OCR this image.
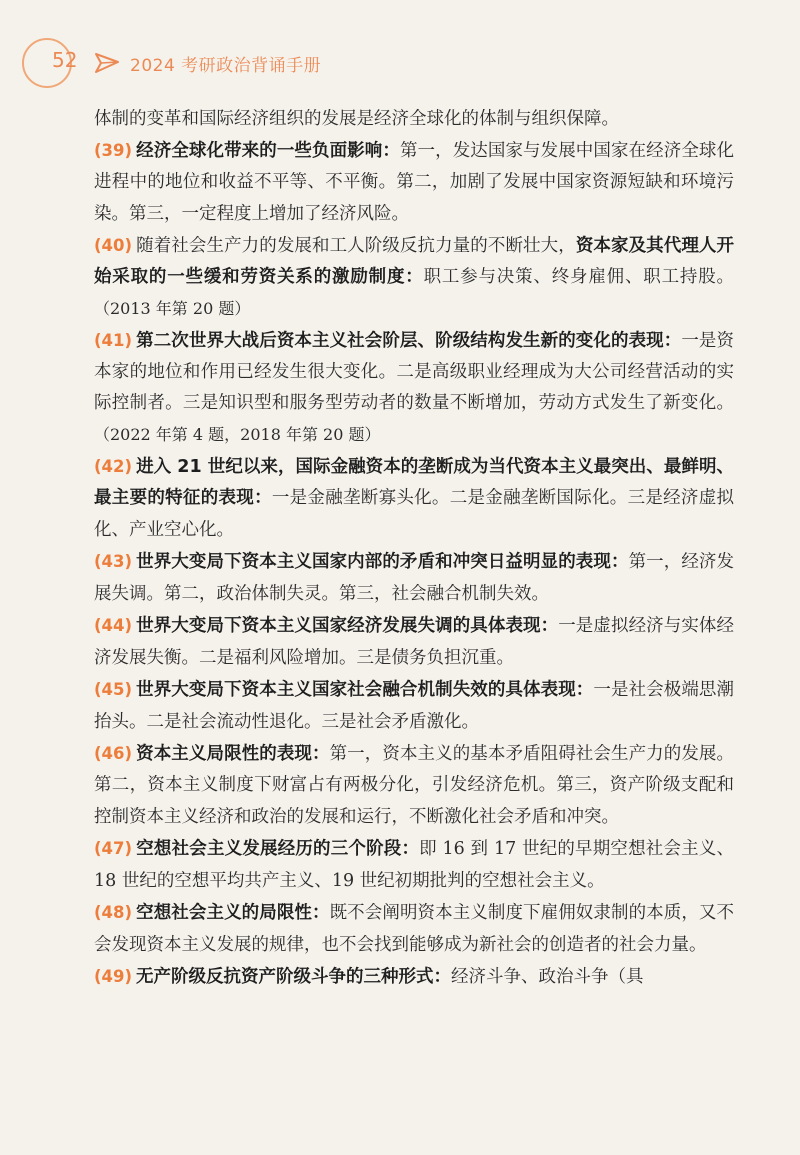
52	2024 考研政治背诵手册

体制的变革和国际经济组织的发展是经济全球化的体制与组织保障。

(39) 经济全球化带来的一些负面影响：第一，发达国家与发展中国家在经济全球化进程中的地位和收益不平等、不平衡。第二，加剧了发展中国家资源短缺和环境污染。第三，一定程度上增加了经济风险。

(40) 随着社会生产力的发展和工人阶级反抗力量的不断壮大，资本家及其代理人开始采取的一些缓和劳资关系的激励制度：职工参与决策、终身雇佣、职工持股。（2013 年第 20 题）

(41) 第二次世界大战后资本主义社会阶层、阶级结构发生新的变化的表现：一是资本家的地位和作用已经发生很大变化。二是高级职业经理成为大公司经营活动的实际控制者。三是知识型和服务型劳动者的数量不断增加，劳动方式发生了新变化。（2022 年第 4 题，2018 年第 20 题）

(42) 进入 21 世纪以来，国际金融资本的垄断成为当代资本主义最突出、最鲜明、最主要的特征的表现：一是金融垄断寡头化。二是金融垄断国际化。三是经济虚拟化、产业空心化。

(43) 世界大变局下资本主义国家内部的矛盾和冲突日益明显的表现：第一，经济发展失调。第二，政治体制失灵。第三，社会融合机制失效。

(44) 世界大变局下资本主义国家经济发展失调的具体表现：一是虚拟经济与实体经济发展失衡。二是福利风险增加。三是债务负担沉重。

(45) 世界大变局下资本主义国家社会融合机制失效的具体表现：一是社会极端思潮抬头。二是社会流动性退化。三是社会矛盾激化。

(46) 资本主义局限性的表现：第一，资本主义的基本矛盾阻碍社会生产力的发展。第二，资本主义制度下财富占有两极分化，引发经济危机。第三，资产阶级支配和控制资本主义经济和政治的发展和运行，不断激化社会矛盾和冲突。

(47) 空想社会主义发展经历的三个阶段：即 16 到 17 世纪的早期空想社会主义、18 世纪的空想平均共产主义、19 世纪初期批判的空想社会主义。

(48) 空想社会主义的局限性：既不会阐明资本主义制度下雇佣奴隶制的本质，又不会发现资本主义发展的规律，也不会找到能够成为新社会的创造者的社会力量。

(49) 无产阶级反抗资产阶级斗争的三种形式：经济斗争、政治斗争（具
